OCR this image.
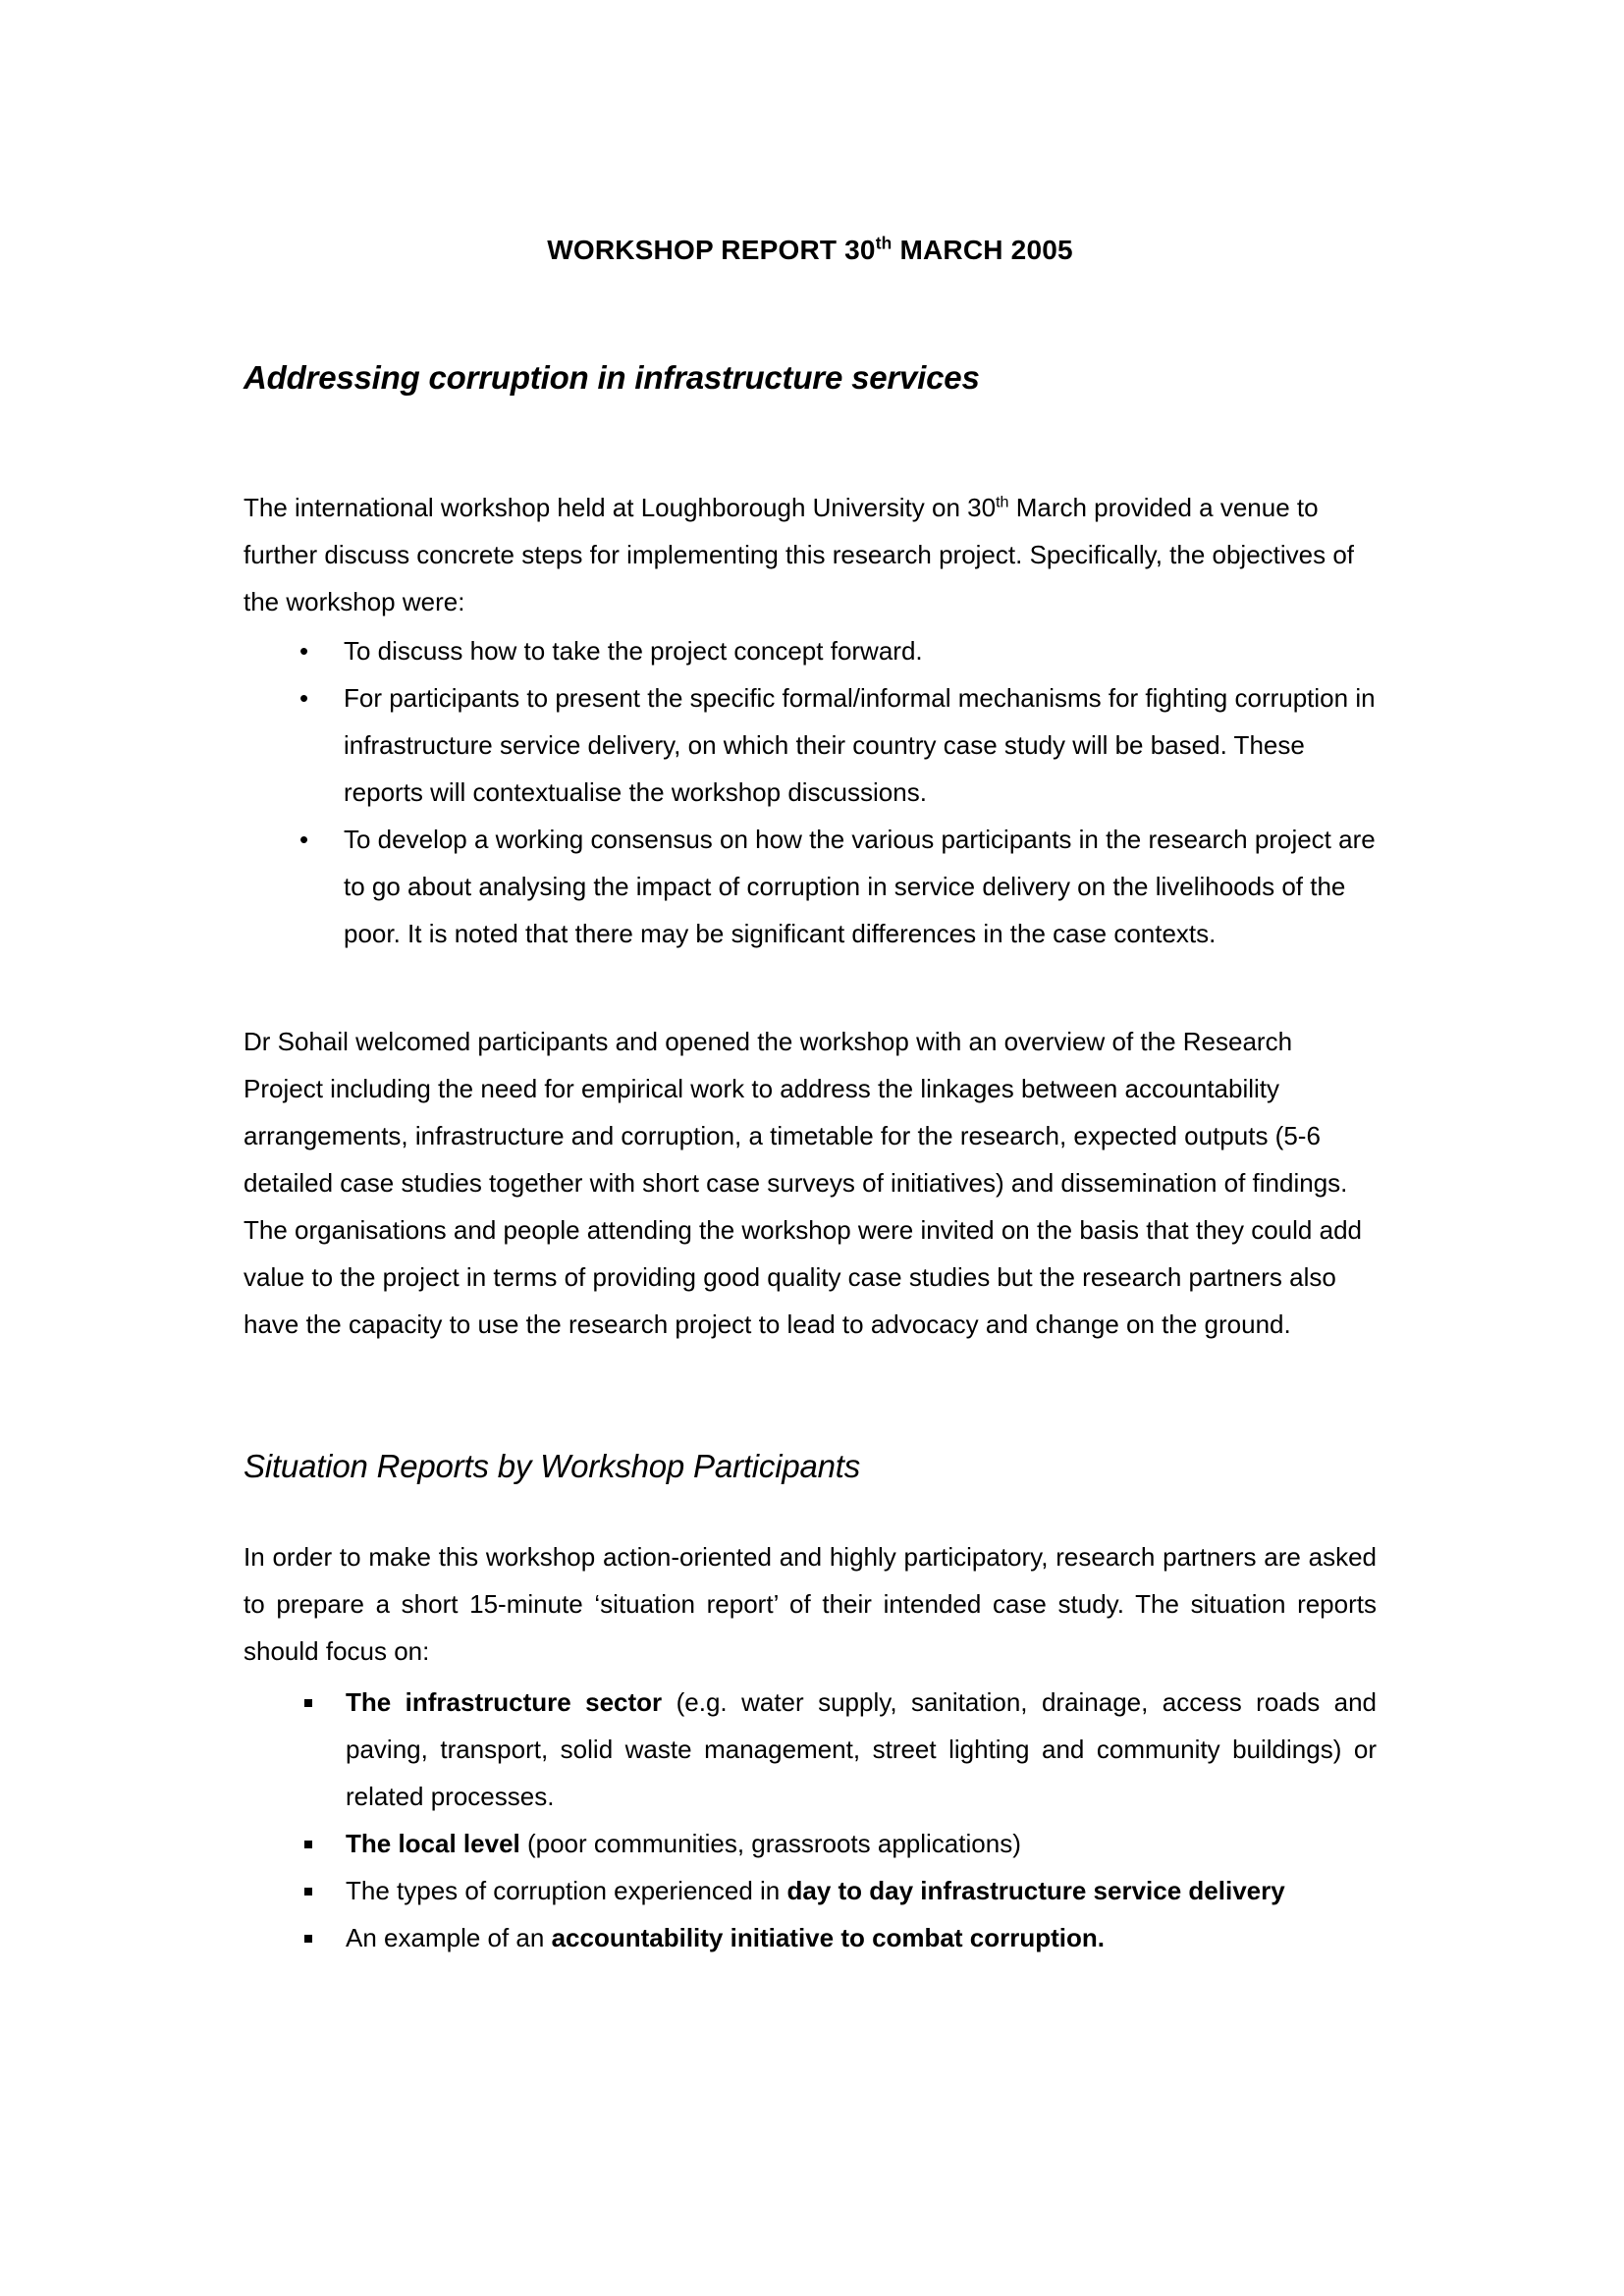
WORKSHOP REPORT 30th MARCH 2005
Addressing corruption in infrastructure services

The international workshop held at Loughborough University on 30th March provided a venue to further discuss concrete steps for implementing this research project. Specifically, the objectives of the workshop were:

• To discuss how to take the project concept forward.
• For participants to present the specific formal/informal mechanisms for fighting corruption in infrastructure service delivery, on which their country case study will be based. These reports will contextualise the workshop discussions.
• To develop a working consensus on how the various participants in the research project are to go about analysing the impact of corruption in service delivery on the livelihoods of the poor. It is noted that there may be significant differences in the case contexts.

Dr Sohail welcomed participants and opened the workshop with an overview of the Research Project including the need for empirical work to address the linkages between accountability arrangements, infrastructure and corruption, a timetable for the research, expected outputs (5-6 detailed case studies together with short case surveys of initiatives) and dissemination of findings. The organisations and people attending the workshop were invited on the basis that they could add value to the project in terms of providing good quality case studies but the research partners also have the capacity to use the research project to lead to advocacy and change on the ground.

Situation Reports by Workshop Participants

In order to make this workshop action-oriented and highly participatory, research partners are asked to prepare a short 15-minute ‘situation report’ of their intended case study. The situation reports should focus on:

The infrastructure sector (e.g. water supply, sanitation, drainage, access roads and paving, transport, solid waste management, street lighting and community buildings) or related processes.
The local level (poor communities, grassroots applications)
The types of corruption experienced in day to day infrastructure service delivery
An example of an accountability initiative to combat corruption.
